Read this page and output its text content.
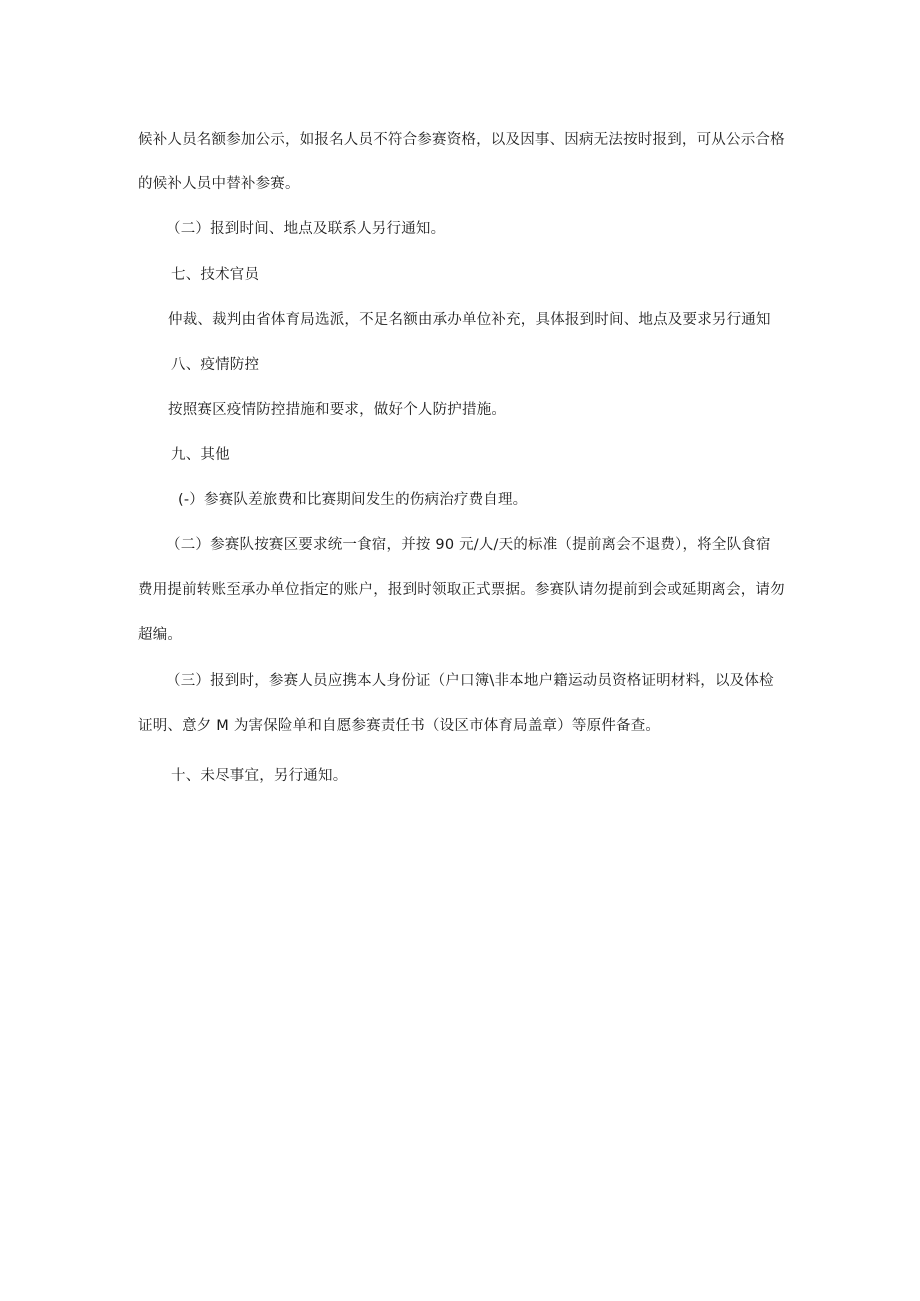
候补人员名额参加公示，如报名人员不符合参赛资格，以及因事、因病无法按时报到，可从公示合格
的候补人员中替补参赛。
（二）报到时间、地点及联系人另行通知。
七、技术官员
仲裁、裁判由省体育局选派，不足名额由承办单位补充，具体报到时间、地点及要求另行通知
八、疫情防控
按照赛区疫情防控措施和要求，做好个人防护措施。
九、其他
(-）参赛队差旅费和比赛期间发生的伤病治疗费自理。
（二）参赛队按赛区要求统一食宿，并按 90 元/人/天的标准（提前离会不退费），将全队食宿
费用提前转账至承办单位指定的账户，报到时领取正式票据。参赛队请勿提前到会或延期离会，请勿
超编。
（三）报到时，参赛人员应携本人身份证（户口簿\非本地户籍运动员资格证明材料，以及体检
证明、意夕 M 为害保险单和自愿参赛责任书（设区市体育局盖章）等原件备查。
十、未尽事宜，另行通知。
